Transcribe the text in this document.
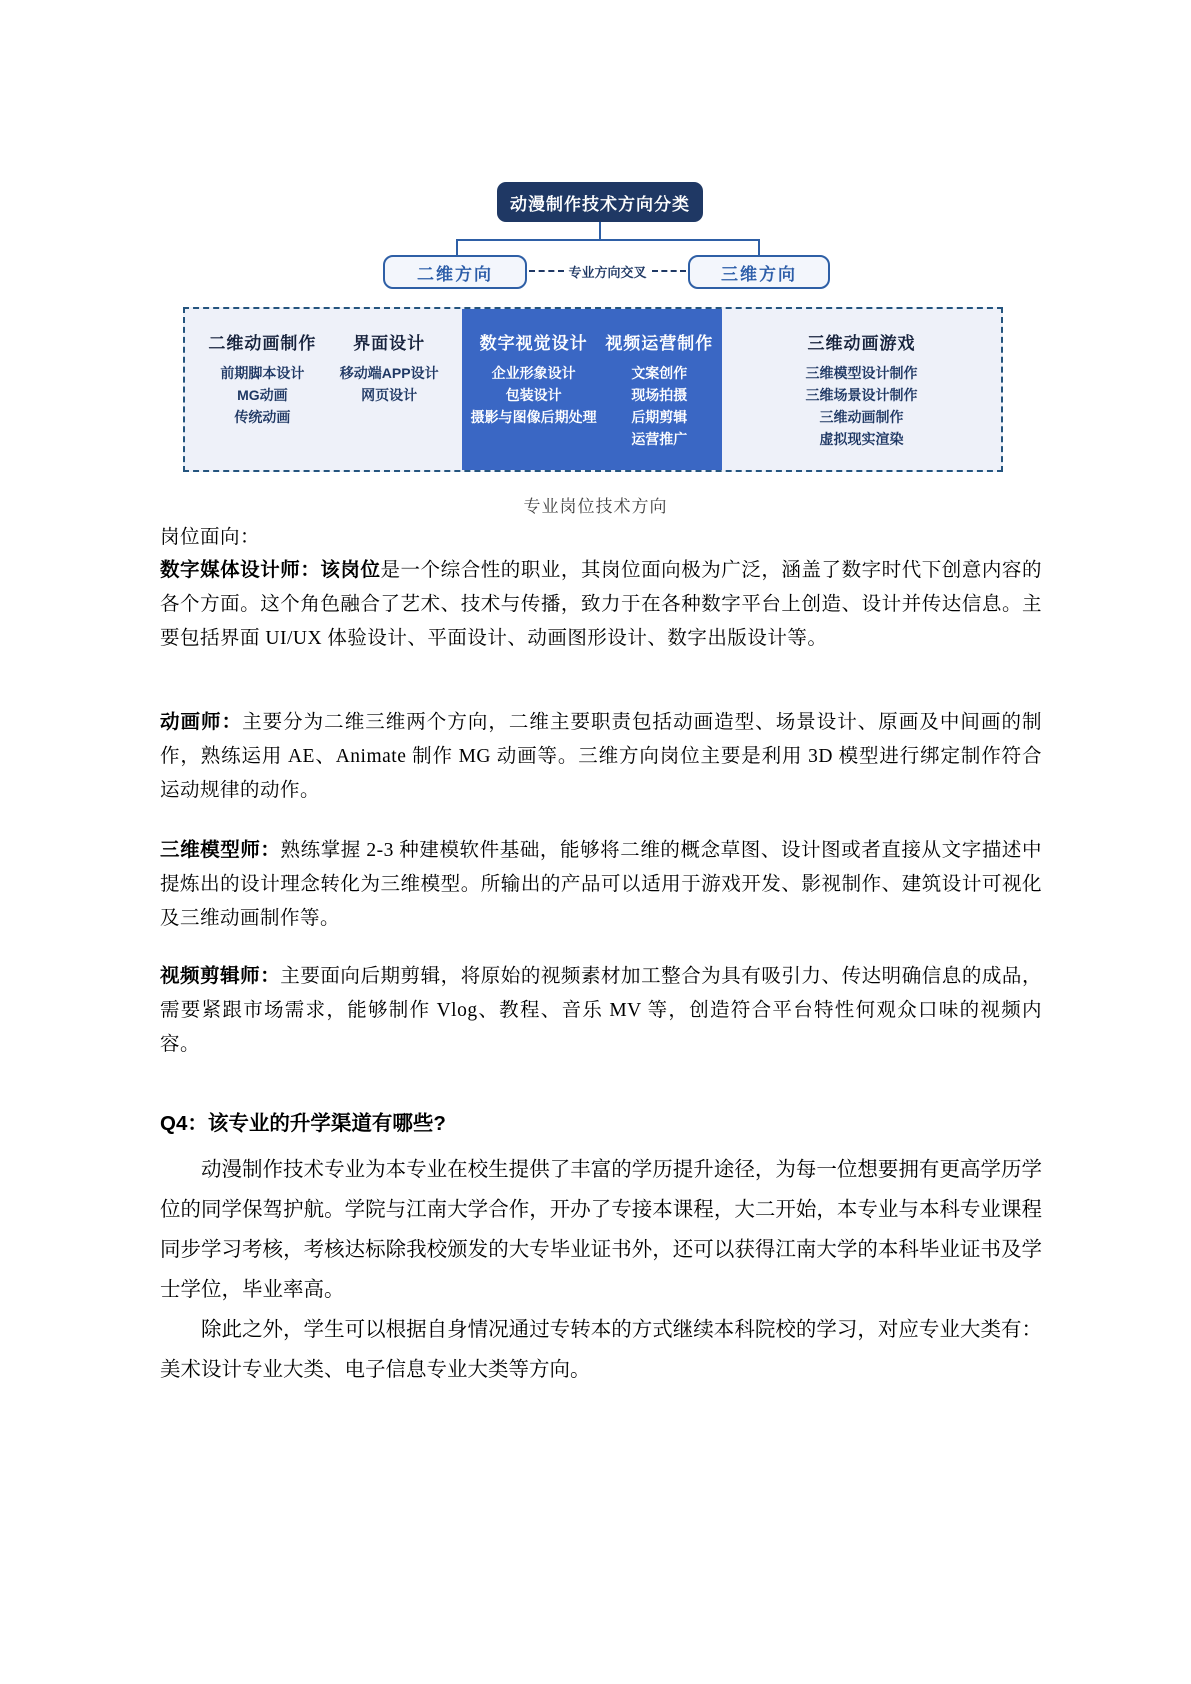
动漫制作技术方向分类
二维方向	三维方向
专业方向交叉
二维动画制作
前期脚本设计
MG动画
传统动画
界面设计
移动端APP设计
网页设计
数字视觉设计
企业形象设计
包装设计
摄影与图像后期处理
视频运营制作
文案创作
现场拍摄
后期剪辑
运营推广
三维动画游戏
三维模型设计制作
三维场景设计制作
三维动画制作
虚拟现实渲染
专业岗位技术方向

岗位面向：

数字媒体设计师：该岗位是一个综合性的职业，其岗位面向极为广泛，涵盖了数字时代下创意内容的各个方面。这个角色融合了艺术、技术与传播，致力于在各种数字平台上创造、设计并传达信息。主要包括界面 UI/UX 体验设计、平面设计、动画图形设计、数字出版设计等。

动画师：主要分为二维三维两个方向，二维主要职责包括动画造型、场景设计、原画及中间画的制作，熟练运用 AE、Animate 制作 MG 动画等。三维方向岗位主要是利用 3D 模型进行绑定制作符合运动规律的动作。

三维模型师：熟练掌握 2-3 种建模软件基础，能够将二维的概念草图、设计图或者直接从文字描述中提炼出的设计理念转化为三维模型。所输出的产品可以适用于游戏开发、影视制作、建筑设计可视化及三维动画制作等。

视频剪辑师：主要面向后期剪辑，将原始的视频素材加工整合为具有吸引力、传达明确信息的成品，需要紧跟市场需求，能够制作 Vlog、教程、音乐 MV 等，创造符合平台特性何观众口味的视频内容。

Q4：该专业的升学渠道有哪些?

动漫制作技术专业为本专业在校生提供了丰富的学历提升途径，为每一位想要拥有更高学历学位的同学保驾护航。学院与江南大学合作，开办了专接本课程，大二开始，本专业与本科专业课程同步学习考核，考核达标除我校颁发的大专毕业证书外，还可以获得江南大学的本科毕业证书及学士学位，毕业率高。

除此之外，学生可以根据自身情况通过专转本的方式继续本科院校的学习，对应专业大类有：美术设计专业大类、电子信息专业大类等方向。
